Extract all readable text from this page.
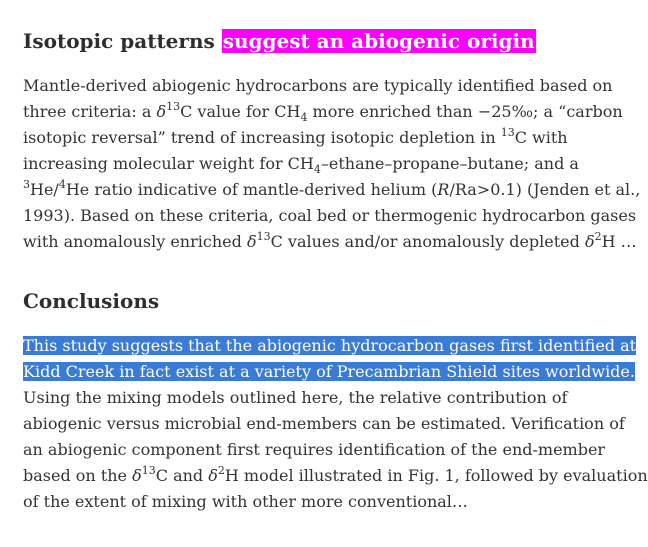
Isotopic patterns suggest an abiogenic origin

Mantle-derived abiogenic hydrocarbons are typically identified based on
three criteria: a $\delta^{13}C$ value for $CH_4$ more enriched than −25‰; a “carbon
isotopic reversal” trend of increasing isotopic depletion in $^{13}$C with
increasing molecular weight for $CH_4-ethane-propane$–butane; and a
$^3$He/$^4$He ratio indicative of mantle-derived helium (R/Ra>0.1) (Jenden et al.,
1993). Based on these criteria, coal bed or thermogenic hydrocarbon gases
with anomalously enriched $\delta^{13}C$ values and/or anomalously depleted $\delta^2H$ …

Conclusions

This study suggests that the abiogenic hydrocarbon gases first identified at
Kidd Creek in fact exist at a variety of Precambrian Shield sites worldwide.
Using the mixing models outlined here, the relative contribution of
abiogenic versus microbial end-members can be estimated. Verification of
an abiogenic component first requires identification of the end-member
based on the $\delta^{13}C$ and $\delta^2H$ model illustrated in Fig. 1, followed by evaluation
of the extent of mixing with other more conventional…
